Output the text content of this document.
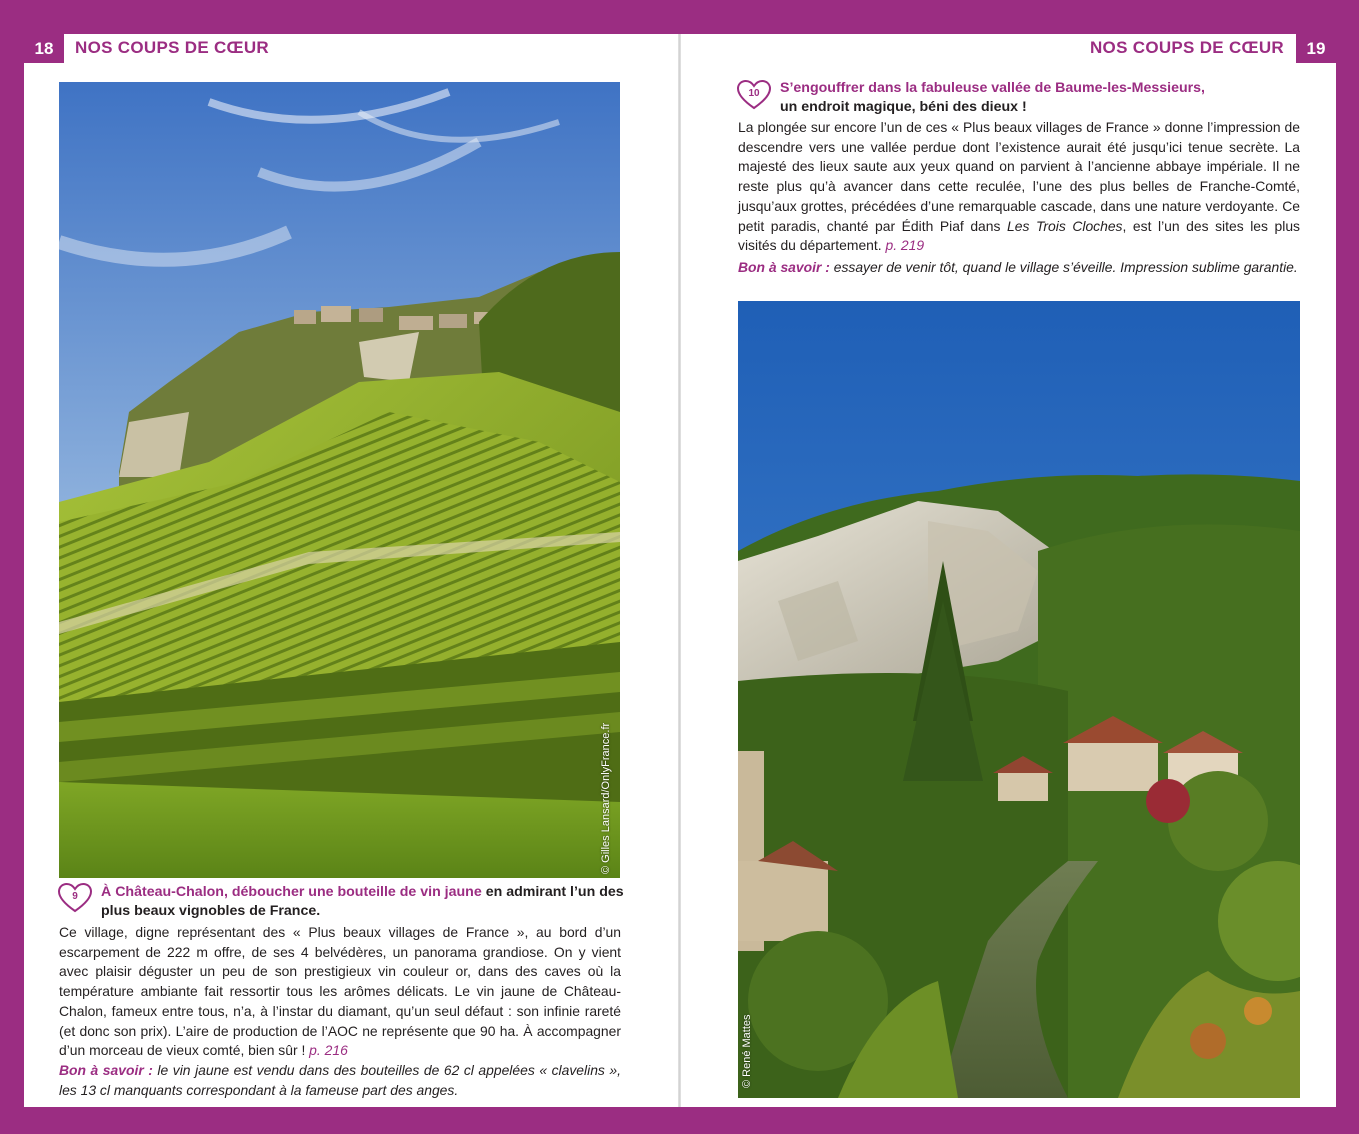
18	NOS COUPS DE CŒUR
© Gilles Lansard/OnlyFrance.fr
9	À Château-Chalon, déboucher une bouteille de vin jaune en admirant l’un des plus beaux vignobles de France.
Ce village, digne représentant des « Plus beaux villages de France », au bord d’un escarpement de 222 m offre, de ses 4 belvédères, un panorama grandiose. On y vient avec plaisir déguster un peu de son prestigieux vin couleur or, dans des caves où la température ambiante fait ressortir tous les arômes délicats. Le vin jaune de Château-Chalon, fameux entre tous, n’a, à l’instar du diamant, qu’un seul défaut : son infinie rareté (et donc son prix). L’aire de production de l’AOC ne représente que 90 ha. À accompagner d’un morceau de vieux comté, bien sûr ! p. 216
Bon à savoir : le vin jaune est vendu dans des bouteilles de 62 cl appelées « clavelins », les 13 cl manquants correspondant à la fameuse part des anges.
19
NOS COUPS DE CŒUR
10	S’engouffrer dans la fabuleuse vallée de Baume-les-Messieurs,
un endroit magique, béni des dieux !
La plongée sur encore l’un de ces « Plus beaux villages de France » donne l’impression de descendre vers une vallée perdue dont l’existence aurait été jusqu’ici tenue secrète. La majesté des lieux saute aux yeux quand on parvient à l’ancienne abbaye impériale. Il ne reste plus qu’à avancer dans cette reculée, l’une des plus belles de Franche-Comté, jusqu’aux grottes, précédées d’une remarquable cascade, dans une nature verdoyante. Ce petit paradis, chanté par Édith Piaf dans Les Trois Cloches, est l’un des sites les plus visités du département. p. 219
Bon à savoir : essayer de venir tôt, quand le village s’éveille. Impression sublime garantie.
© René Mattes
